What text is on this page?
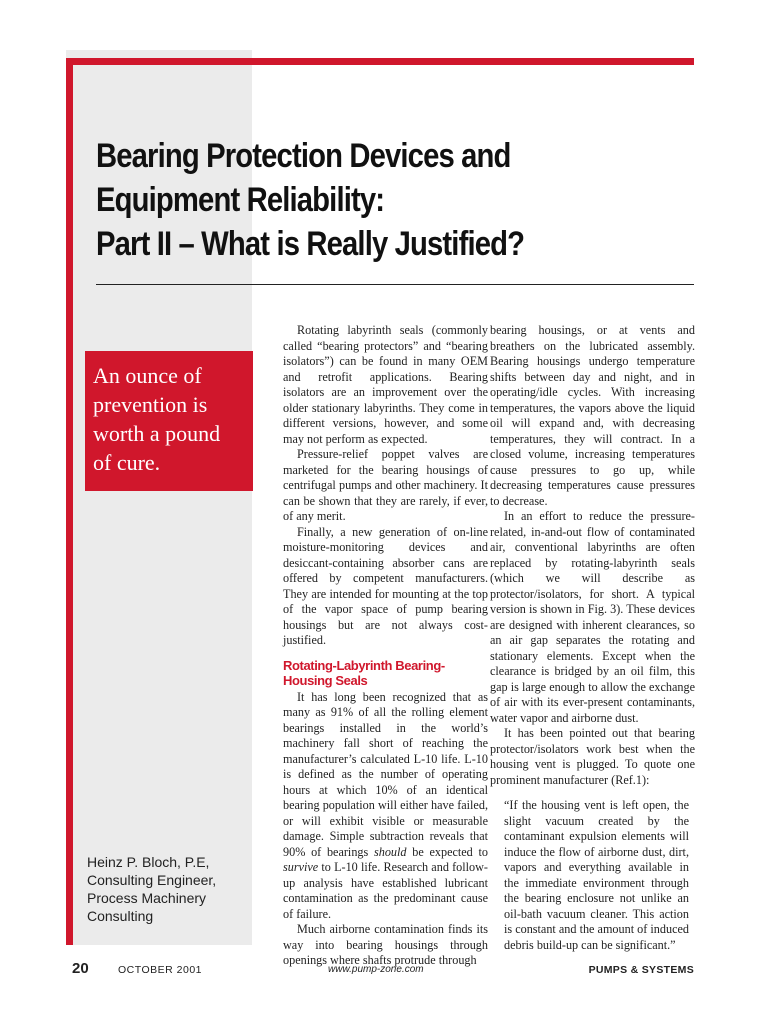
Bearing Protection Devices and
Equipment Reliability:
Part II – What is Really Justified?
An ounce of
prevention is
worth a pound
of cure.
Heinz P. Bloch, P.E,
Consulting Engineer,
Process Machinery
Consulting

Rotating labyrinth seals (commonly called “bearing protectors” and “bearing isolators”) can be found in many OEM and retrofit applications. Bearing isolators are an improvement over the older stationary labyrinths. They come in different versions, however, and some may not perform as expected.

Pressure-relief poppet valves are marketed for the bearing housings of centrifugal pumps and other machinery. It can be shown that they are rarely, if ever, of any merit.

Finally, a new generation of on-line moisture-monitoring devices and desiccant-containing absorber cans are offered by competent manufacturers. They are intended for mounting at the top of the vapor space of pump bearing housings but are not always cost-justified.

Rotating-Labyrinth Bearing-Housing Seals

It has long been recognized that as many as 91% of all the rolling element bearings installed in the world’s machinery fall short of reaching the manufacturer’s calculated L-10 life. L-10 is defined as the number of operating hours at which 10% of an identical bearing population will either have failed, or will exhibit visible or measurable damage. Simple subtraction reveals that 90% of bearings should be expected to survive to L-10 life. Research and follow-up analysis have established lubricant contamination as the predominant cause of failure.

Much airborne contamination finds its way into bearing housings through openings where shafts protrude through

bearing housings, or at vents and breathers on the lubricated assembly. Bearing housings undergo temperature shifts between day and night, and in operating/idle cycles. With increasing temperatures, the vapors above the liquid oil will expand and, with decreasing temperatures, they will contract. In a closed volume, increasing temperatures cause pressures to go up, while decreasing temperatures cause pressures to decrease.

In an effort to reduce the pressure-related, in-and-out flow of contaminated air, conventional labyrinths are often replaced by rotating-labyrinth seals (which we will describe as protector/isolators, for short. A typical version is shown in Fig. 3). These devices are designed with inherent clearances, so an air gap separates the rotating and stationary elements. Except when the clearance is bridged by an oil film, this gap is large enough to allow the exchange of air with its ever-present contaminants, water vapor and airborne dust.

It has been pointed out that bearing protector/isolators work best when the housing vent is plugged. To quote one prominent manufacturer (Ref.1):

“If the housing vent is left open, the slight vacuum created by the contaminant expulsion elements will induce the flow of airborne dust, dirt, vapors and everything available in the immediate environment through the bearing enclosure not unlike an oil-bath vacuum cleaner. This action is constant and the amount of induced debris build-up can be significant.”

20	OCTOBER 2001	www.pump-zone.com	PUMPS & SYSTEMS
